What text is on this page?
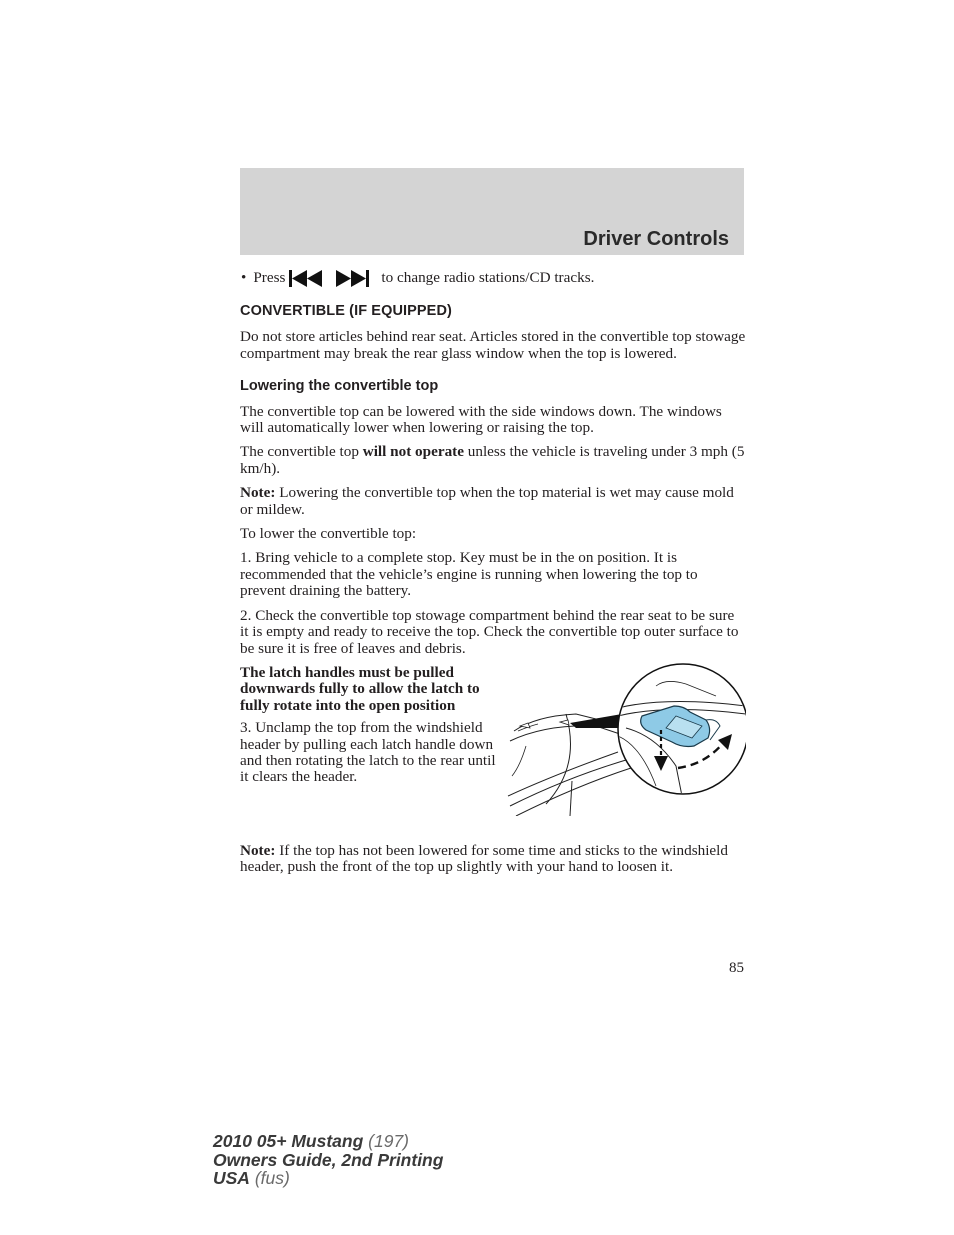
Driver Controls
• Press	to change radio stations/CD tracks.
CONVERTIBLE (IF EQUIPPED)

Do not store articles behind rear seat. Articles stored in the convertible top stowage compartment may break the rear glass window when the top is lowered.

Lowering the convertible top

The convertible top can be lowered with the side windows down. The windows will automatically lower when lowering or raising the top.

The convertible top will not operate unless the vehicle is traveling under 3 mph (5 km/h).

Note: Lowering the convertible top when the top material is wet may cause mold or mildew.

To lower the convertible top:

1. Bring vehicle to a complete stop. Key must be in the on position. It is recommended that the vehicle’s engine is running when lowering the top to prevent draining the battery.

2. Check the convertible top stowage compartment behind the rear seat to be sure it is empty and ready to receive the top. Check the convertible top outer surface to be sure it is free of leaves and debris.

The latch handles must be pulled downwards fully to allow the latch to fully rotate into the open position

3. Unclamp the top from the windshield header by pulling each latch handle down and then rotating the latch to the rear until it clears the header.

Note: If the top has not been lowered for some time and sticks to the windshield header, push the front of the top up slightly with your hand to loosen it.

85
2010 05+ Mustang (197)
Owners Guide, 2nd Printing
USA (fus)
